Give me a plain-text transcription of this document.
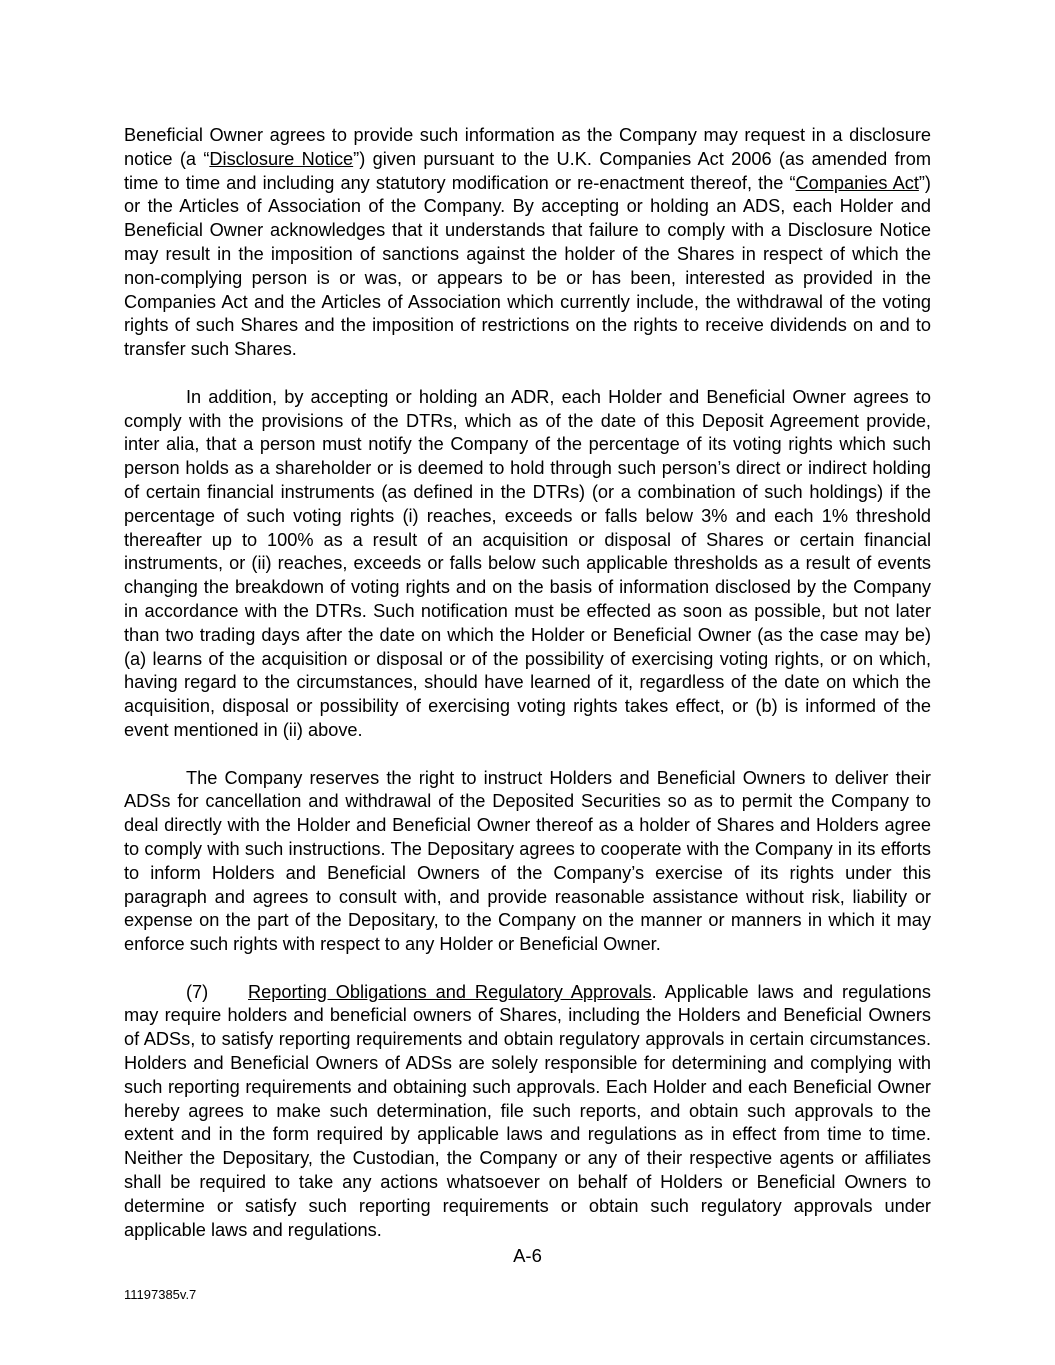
Beneficial Owner agrees to provide such information as the Company may request in a disclosure notice (a “Disclosure Notice”) given pursuant to the U.K. Companies Act 2006 (as amended from time to time and including any statutory modification or re-enactment thereof, the “Companies Act”) or the Articles of Association of the Company. By accepting or holding an ADS, each Holder and Beneficial Owner acknowledges that it understands that failure to comply with a Disclosure Notice may result in the imposition of sanctions against the holder of the Shares in respect of which the non-complying person is or was, or appears to be or has been, interested as provided in the Companies Act and the Articles of Association which currently include, the withdrawal of the voting rights of such Shares and the imposition of restrictions on the rights to receive dividends on and to transfer such Shares.

In addition, by accepting or holding an ADR, each Holder and Beneficial Owner agrees to comply with the provisions of the DTRs, which as of the date of this Deposit Agreement provide, inter alia, that a person must notify the Company of the percentage of its voting rights which such person holds as a shareholder or is deemed to hold through such person’s direct or indirect holding of certain financial instruments (as defined in the DTRs) (or a combination of such holdings) if the percentage of such voting rights (i) reaches, exceeds or falls below 3% and each 1% threshold thereafter up to 100% as a result of an acquisition or disposal of Shares or certain financial instruments, or (ii) reaches, exceeds or falls below such applicable thresholds as a result of events changing the breakdown of voting rights and on the basis of information disclosed by the Company in accordance with the DTRs. Such notification must be effected as soon as possible, but not later than two trading days after the date on which the Holder or Beneficial Owner (as the case may be) (a) learns of the acquisition or disposal or of the possibility of exercising voting rights, or on which, having regard to the circumstances, should have learned of it, regardless of the date on which the acquisition, disposal or possibility of exercising voting rights takes effect, or (b) is informed of the event mentioned in (ii) above.

The Company reserves the right to instruct Holders and Beneficial Owners to deliver their ADSs for cancellation and withdrawal of the Deposited Securities so as to permit the Company to deal directly with the Holder and Beneficial Owner thereof as a holder of Shares and Holders agree to comply with such instructions. The Depositary agrees to cooperate with the Company in its efforts to inform Holders and Beneficial Owners of the Company’s exercise of its rights under this paragraph and agrees to consult with, and provide reasonable assistance without risk, liability or expense on the part of the Depositary, to the Company on the manner or manners in which it may enforce such rights with respect to any Holder or Beneficial Owner.

(7) Reporting Obligations and Regulatory Approvals. Applicable laws and regulations may require holders and beneficial owners of Shares, including the Holders and Beneficial Owners of ADSs, to satisfy reporting requirements and obtain regulatory approvals in certain circumstances. Holders and Beneficial Owners of ADSs are solely responsible for determining and complying with such reporting requirements and obtaining such approvals. Each Holder and each Beneficial Owner hereby agrees to make such determination, file such reports, and obtain such approvals to the extent and in the form required by applicable laws and regulations as in effect from time to time. Neither the Depositary, the Custodian, the Company or any of their respective agents or affiliates shall be required to take any actions whatsoever on behalf of Holders or Beneficial Owners to determine or satisfy such reporting requirements or obtain such regulatory approvals under applicable laws and regulations.

A-6
11197385v.7
